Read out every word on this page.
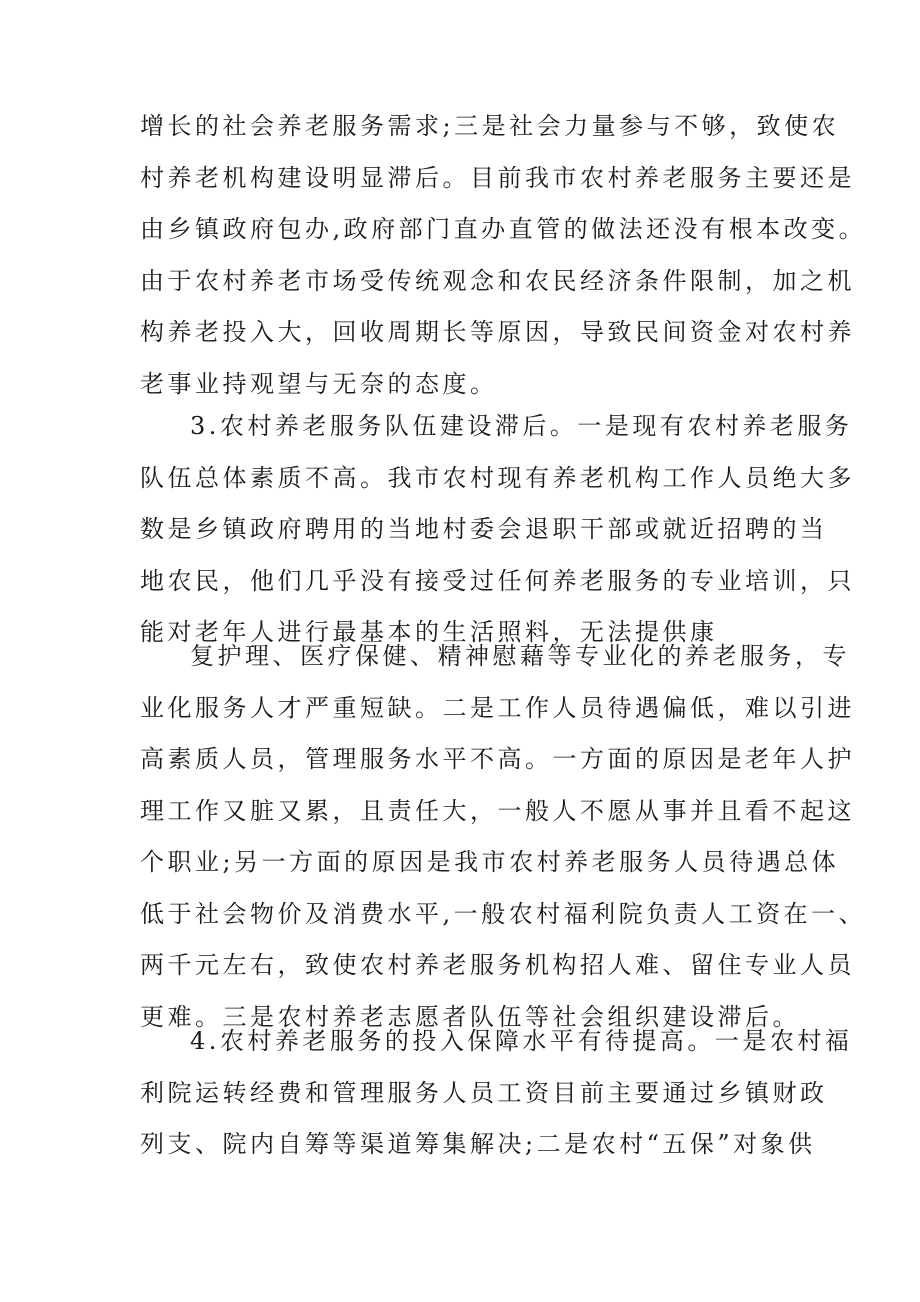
增长的社会养老服务需求;三是社会力量参与不够，致使农
村养老机构建设明显滞后。目前我市农村养老服务主要还是
由乡镇政府包办,政府部门直办直管的做法还没有根本改变。
由于农村养老市场受传统观念和农民经济条件限制，加之机
构养老投入大，回收周期长等原因，导致民间资金对农村养
老事业持观望与无奈的态度。
3.农村养老服务队伍建设滞后。一是现有农村养老服务
队伍总体素质不高。我市农村现有养老机构工作人员绝大多
数是乡镇政府聘用的当地村委会退职干部或就近招聘的当
地农民，他们几乎没有接受过任何养老服务的专业培训，只
能对老年人进行最基本的生活照料，无法提供康
复护理、医疗保健、精神慰藉等专业化的养老服务，专
业化服务人才严重短缺。二是工作人员待遇偏低，难以引进
高素质人员，管理服务水平不高。一方面的原因是老年人护
理工作又脏又累，且责任大，一般人不愿从事并且看不起这
个职业;另一方面的原因是我市农村养老服务人员待遇总体
低于社会物价及消费水平,一般农村福利院负责人工资在一、
两千元左右，致使农村养老服务机构招人难、留住专业人员
更难。三是农村养老志愿者队伍等社会组织建设滞后。
4.农村养老服务的投入保障水平有待提高。一是农村福
利院运转经费和管理服务人员工资目前主要通过乡镇财政
列支、院内自筹等渠道筹集解决;二是农村“五保”对象供
